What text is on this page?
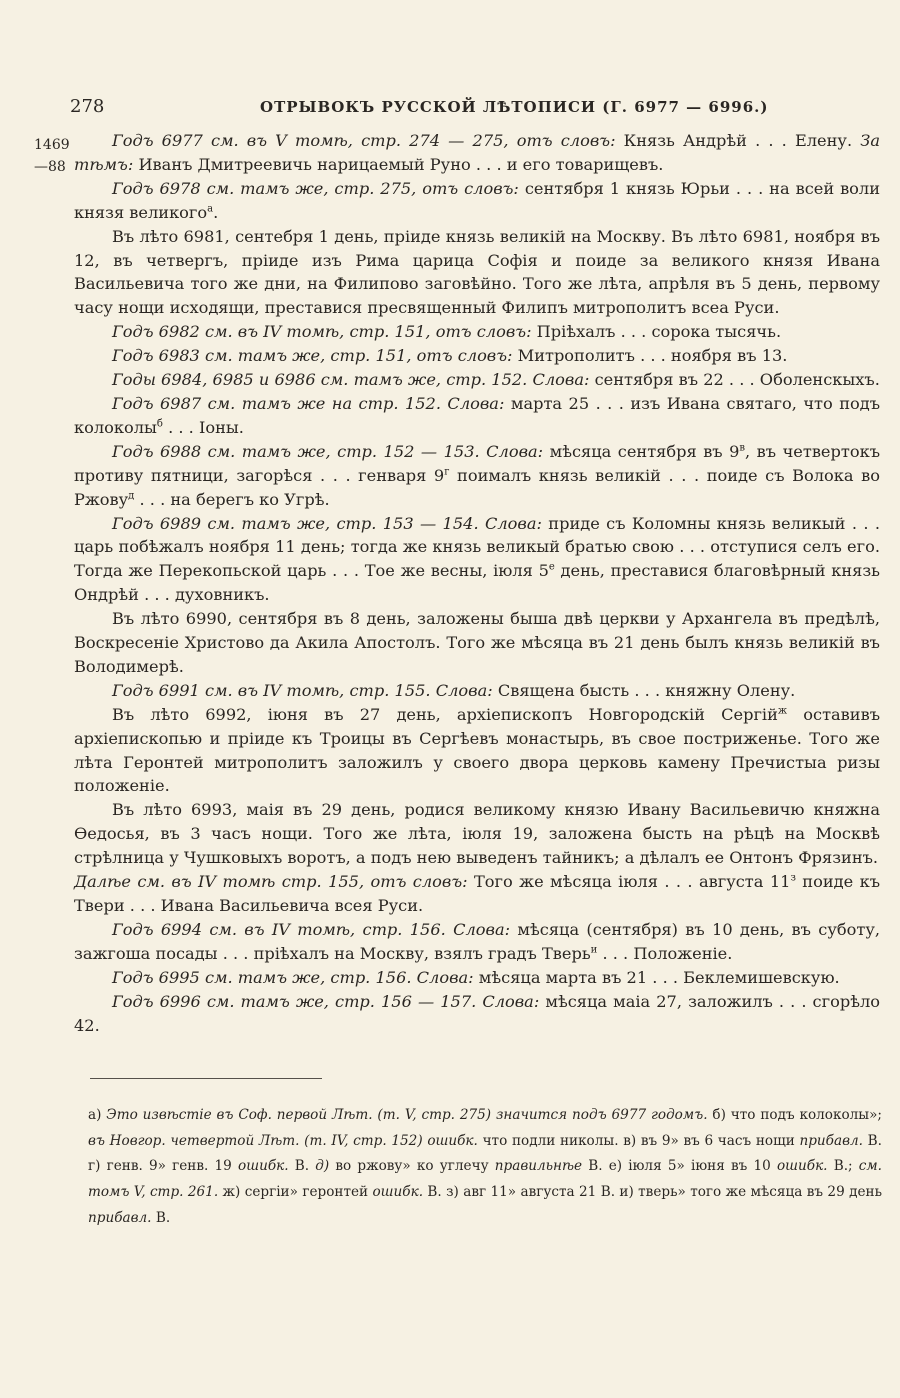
278	ОТРЫВОКЪ РУССКОЙ ЛѢТОПИСИ (Г. 6977 — 6996.)
1469
—88

Годъ 6977 см. въ V томѣ, стр. 274 — 275, отъ словъ: Князь Андрѣй . . . Елену. За тѣмъ: Иванъ Дмитреевичь нарицаемый Руно . . . и его товарищевъ.

Годъ 6978 см. тамъ же, стр. 275, отъ словъ: сентября 1 князь Юрьи . . . на всей воли князя великого$^а$.

Въ лѣто 6981, сентебря 1 день, пріиде князь великій на Москву. Въ лѣто 6981, ноября въ 12, въ четвергъ, пріиде изъ Рима царица Софія и поиде за великого князя Ивана Васильевича того же дни, на Филипово заговѣйно. Того же лѣта, апрѣля въ 5 день, первому часу нощи исходящи, преставися пресвященный Филипъ митрополитъ всеа Руси.

Годъ 6982 см. въ IV томѣ, стр. 151, отъ словъ: Пріѣхалъ . . . сорока тысячь.

Годъ 6983 см. тамъ же, стр. 151, отъ словъ: Митрополитъ . . . ноября въ 13.

Годы 6984, 6985 и 6986 см. тамъ же, стр. 152. Слова: сентября въ 22 . . . Оболенскыхъ.

Годъ 6987 см. тамъ же на стр. 152. Слова: марта 25 . . . изъ Ивана святаго, что подъ колоколы$^б$ . . . Іоны.

Годъ 6988 см. тамъ же, стр. 152 — 153. Слова: мѣсяца сентября въ $9^в$, въ четвертокъ противу пятници, загорѣся . . . генваря $9^г$ поималъ князь великій . . . поиде съ Волока во Ржову$^д$ . . . на берегъ ко Угрѣ.

Годъ 6989 см. тамъ же, стр. 153 — 154. Слова: приде съ Коломны князь великый . . . царь побѣжалъ ноября 11 день; тогда же князь великый братью свою . . . отступися селъ его. Тогда же Перекопьской царь . . . Тое же весны, іюля $5^е$ день, преставися благовѣрный князь Ондрѣй . . . духовникъ.

Въ лѣто 6990, сентября въ 8 день, заложены быша двѣ церкви у Архангела въ предѣлѣ, Воскресеніе Христово да Акила Апостолъ. Того же мѣсяца въ 21 день былъ князь великій въ Володимерѣ.

Годъ 6991 см. въ IV томѣ, стр. 155. Слова: Священа бысть . . . княжну Олену.

Въ лѣто 6992, іюня въ 27 день, архіепископъ Новгородскій Сергій$^ж$ оставивъ архіепископью и пріиде къ Троицы въ Сергѣевъ монастырь, въ свое постриженье. Того же лѣта Геронтей митрополитъ заложилъ у своего двора церковь камену Пречистыа ризы положеніе.

Въ лѣто 6993, маія въ 29 день, родися великому князю Ивану Васильевичю княжна Ѳедосья, въ 3 часъ нощи. Того же лѣта, іюля 19, заложена бысть на рѣцѣ на Москвѣ стрѣлница у Чушковыхъ воротъ, а подъ нею выведенъ тайникъ; а дѣлалъ ее Онтонъ Фрязинъ.

Далѣе см. въ IV томѣ стр. 155, отъ словъ: Того же мѣсяца іюля . . . августа $11^з$ поиде къ Твери . . . Ивана Васильевича всея Руси.

Годъ 6994 см. въ IV томѣ, стр. 156. Слова: мѣсяца (сентября) въ 10 день, въ суботу, зажгоша посады . . . пріѣхалъ на Москву, взялъ градъ Тверь$^и$ . . . Положеніе.

Годъ 6995 см. тамъ же, стр. 156. Слова: мѣсяца марта въ 21 . . . Беклемишевскую.

Годъ 6996 см. тамъ же, стр. 156 — 157. Слова: мѣсяца маіа 27, заложилъ . . . сгорѣло 42.

а) Это извѣстіе въ Соф. первой Лѣт. (т. V, стр. 275) значится подъ 6977 годомъ. б) что подъ колоколы»; въ Новгор. четвертой Лѣт. (т. IV, стр. 152) ошибк. что подли николы. в) въ 9» въ 6 часъ нощи прибавл. В. г) генв. 9» генв. 19 ошибк. В. д) во ржову» ко углечу правильнѣе В. е) іюля 5» іюня въ 10 ошибк. В.; см. томъ V, стр. 261. ж) сергіи» геронтей ошибк. В. з) авг 11» августа 21 В. и) тверь» того же мѣсяца въ 29 день прибавл. В.
